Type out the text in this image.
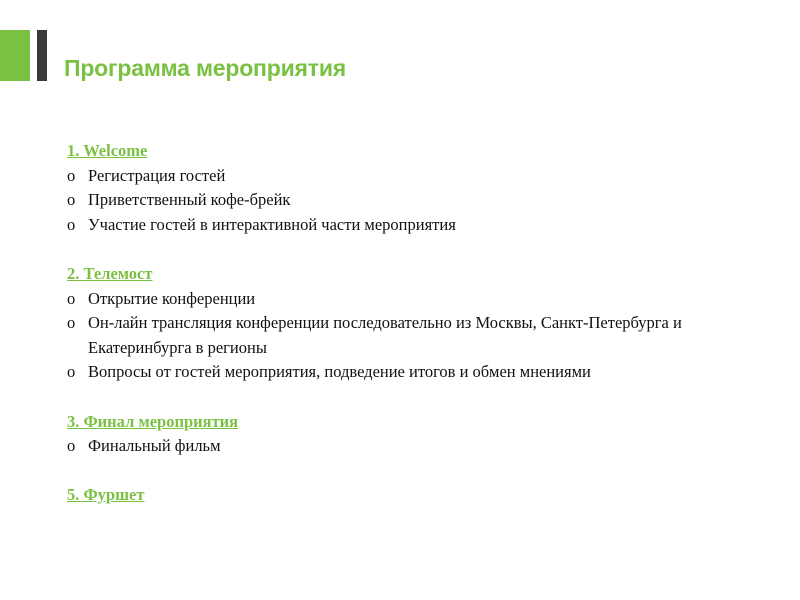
Программа мероприятия
1. Welcome
o Регистрация гостей
o Приветственный кофе-брейк
o Участие гостей в интерактивной части мероприятия
2. Телемост
o Открытие конференции
o Он-лайн трансляция конференции последовательно из Москвы, Санкт-Петербурга и Екатеринбурга в регионы
o Вопросы от гостей мероприятия, подведение итогов и обмен мнениями
3. Финал мероприятия
o Финальный фильм
5. Фуршет
